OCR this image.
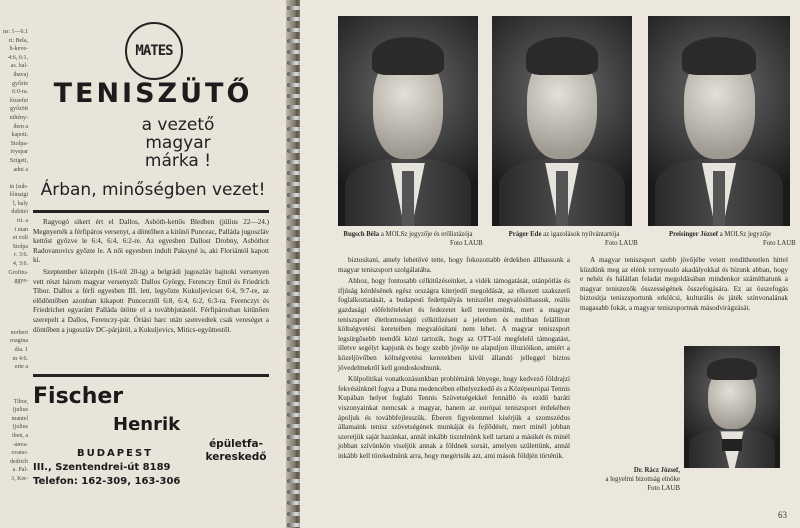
ns: 1—6.1
ri: Bela,
h-keve-
4:6, 6:1,
as. bal-
ibavaj
győzte
6:0-ra.
lózsefet
győzött
nthény-
iben a
kapott.
Stolpa-
ivyspar
Szigeti,
adni a

in (sub-
lőinaigi
l, baly
dubitei
rit. a
i utan
et volt
Stolpa
r. 3:6.
4, 3:6.
Grofitu-
ggye-

norbert
roagina
dia. 1
m 4:6.
erte a

Tibor,
(julius
mantel
(julius
iben, a
-ánva-
ovano-
dedrich
a. Pal-
3, Ker-
MATES
TENISZÜTŐ
a vezető
magyar
márka !
Árban, minőségben vezet!

Ragyogó sikert ért el Dallos, Asbóth-kettős Bledben (július 22—24.) Megnyerték a férfipáros versenyt, a döntőben a kitűnő Punceac, Palláda jugoszláv kettőst győzve le 6:4, 6:4, 6:2-re. Az egyesben Dallost Drobny, Asbóthot Radovanovics győzte le. A női egyesben indult Paksyné is, aki Floriántól kapott ki.

Szeptember közepén (16-tól 20-ig) a belgrádi jugoszláv bajnoki versenyen vett részt három magyar versenyző: Dallos György, Ferenczy Emil és Friedrich Tibor. Dallos a férfi egyesben III. lett, legyőzte Kukuljevicset 6:4, 9:7-re, az elődöntőben azonban kikapott Puncecztől 6:8, 6:4, 6:2, 6:3-ra. Ferenczyt és Friedrichet egyaránt Palláda ütötte el a továbbjutástól. Férfipárosban kitűnően szerepelt a Dallos, Ferenczy-pár. Óriási harc után szenvedtek csak vereséget a döntőben a jugoszláv DC-párjától, a Kukuljevics, Mitics-együttestől.

Fischer
Henrik
épületfa-
kereskedő
BUDAPEST
III., Szentendrei-út 8189
Telefon: 162-309, 163-306
Bugsch Béla a MOLSz jegyzője és erőlistázója
Foto LAUB
Práger Ede az igazolások nyilvántartója
Foto LAUB
Preisinger József a MOLSz jegyzője
Foto LAUB

biztosítani, amely lehetővé tette, hogy fokozottabb érdekben állhassunk a magyar teniszsport szolgálatába.

Ahhoz, hogy fontosabb célkitűzéseinket, a vidék támogatását, utánpótlás és ifjúság kérdésének egész országra kiterjedő megoldását, az elkezett szakszerű foglalkoztatását, a budapesti fedettpályás teniszélet megvalósíthassuk, reális gazdasági előfeltételeket és fedezetet kell teremtenünk, mert a magyar teniszsport életlontosságú célkitűzéseit a jelenben és multban felállított költségvetési kereteiben megvalósítani nem lehet. A magyar teniszsport legsürgősebb teendői közé tartozik, hogy az OTT-tól megfelelő támogatást, illetve segélyt kapjunk és hogy szebb jövője ne alapuljon illuzióikon, amiért a közeljövőben költségvetési keretekben kívül állandó jelleggel biztos jövedelmekről kell gondoskodnunk.

Külpolitikai vonatkozásunkban problémánk lényege, hogy kedvező földrajzi fekvésünknél fogva a Duna medencében elhelyezkedő és a Középeurópai Tennis Kupában helyet foglaló Tennis Szövetségekkel fennálló és ezidő baráti viszonyainkat nemcsak a magyar, hanem az európai teniszsport érdekében ápoljuk és továbbfejlesszük. Éberen figyelemmel kísérjük a szomszédos államaink tenisz szövetségének munkáját és fejlődését, mert minél jobban szeretjük saját hazánkat, annál inkább tisztelnünk kell tartani a másikét és minél jobban szívünkön viseljük annak a földnek sorsát, amelyen születtünk, annál inkább kell törekednünk arra, hogy megértsük azt, ami mások földjén történik.

A magyar teniszsport szebb jövőjébe vetett rendíthetetlen hittel küzdünk meg az elénk tornyosuló akadályokkal és bízunk abban, hogy e nehéz és hálátlan feladat megoldásában mindenkor számíthatunk a magyar teniszezők összességének összefogására. Ez az összefogás biztosítja teniszsportunk erkölcsi, kulturális és játék színvonalának magasabb fokát, a magyar teniszsportnak másodvirágzását.

Dr. Rácz József,
a legyelmi bizottság elnöke
Foto LAUB
63
